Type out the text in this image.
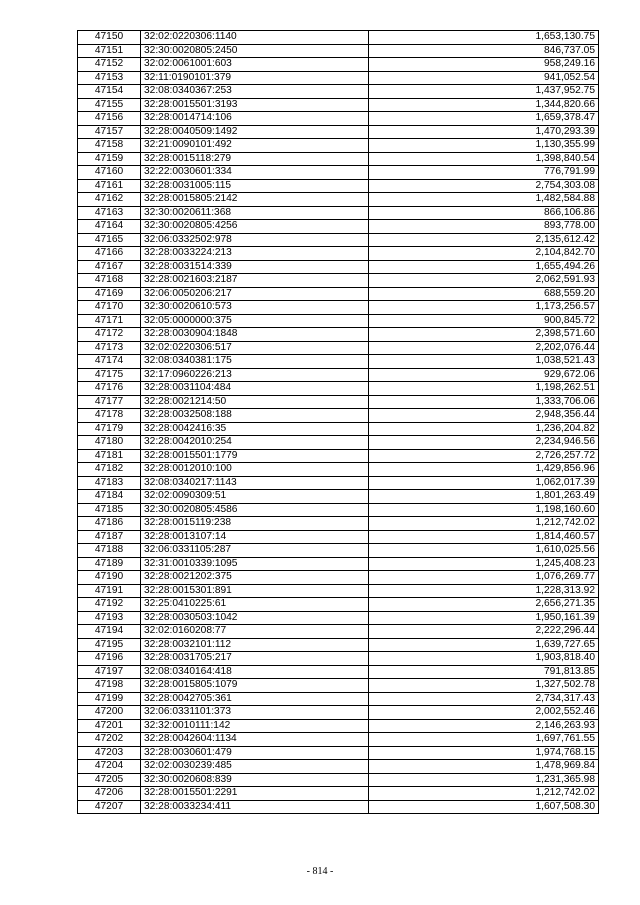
47150	32:02:0220306:1140	1,653,130.75
47151	32:30:0020805:2450	846,737.05
47152	32:02:0061001:603	958,249.16
47153	32:11:0190101:379	941,052.54
47154	32:08:0340367:253	1,437,952.75
47155	32:28:0015501:3193	1,344,820.66
47156	32:28:0014714:106	1,659,378.47
47157	32:28:0040509:1492	1,470,293.39
47158	32:21:0090101:492	1,130,355.99
47159	32:28:0015118:279	1,398,840.54
47160	32:22:0030601:334	776,791.99
47161	32:28:0031005:115	2,754,303.08
47162	32:28:0015805:2142	1,482,584.88
47163	32:30:0020611:368	866,106.86
47164	32:30:0020805:4256	893,778.00
47165	32:06:0332502:978	2,135,612.42
47166	32:28:0033224:213	2,104,842.70
47167	32:28:0031514:339	1,655,494.26
47168	32:28:0021603:2187	2,062,591.93
47169	32:06:0050206:217	688,559.20
47170	32:30:0020610:573	1,173,256.57
47171	32:05:0000000:375	900,845.72
47172	32:28:0030904:1848	2,398,571.60
47173	32:02:0220306:517	2,202,076.44
47174	32:08:0340381:175	1,038,521.43
47175	32:17:0960226:213	929,672.06
47176	32:28:0031104:484	1,198,262.51
47177	32:28:0021214:50	1,333,706.06
47178	32:28:0032508:188	2,948,356.44
47179	32:28:0042416:35	1,236,204.82
47180	32:28:0042010:254	2,234,946.56
47181	32:28:0015501:1779	2,726,257.72
47182	32:28:0012010:100	1,429,856.96
47183	32:08:0340217:1143	1,062,017.39
47184	32:02:0090309:51	1,801,263.49
47185	32:30:0020805:4586	1,198,160.60
47186	32:28:0015119:238	1,212,742.02
47187	32:28:0013107:14	1,814,460.57
47188	32:06:0331105:287	1,610,025.56
47189	32:31:0010339:1095	1,245,408.23
47190	32:28:0021202:375	1,076,269.77
47191	32:28:0015301:891	1,228,313.92
47192	32:25:0410225:61	2,656,271.35
47193	32:28:0030503:1042	1,950,161.39
47194	32:02:0160208:77	2,222,296.44
47195	32:28:0032101:112	1,639,727.65
47196	32:28:0031705:217	1,903,818.40
47197	32:08:0340164:418	791,813.85
47198	32:28:0015805:1079	1,327,502.78
47199	32:28:0042705:361	2,734,317.43
47200	32:06:0331101:373	2,002,552.46
47201	32:32:0010111:142	2,146,263.93
47202	32:28:0042604:1134	1,697,761.55
47203	32:28:0030601:479	1,974,768.15
47204	32:02:0030239:485	1,478,969.84
47205	32:30:0020608:839	1,231,365.98
47206	32:28:0015501:2291	1,212,742.02
47207	32:28:0033234:411	1,607,508.30
- 814 -
